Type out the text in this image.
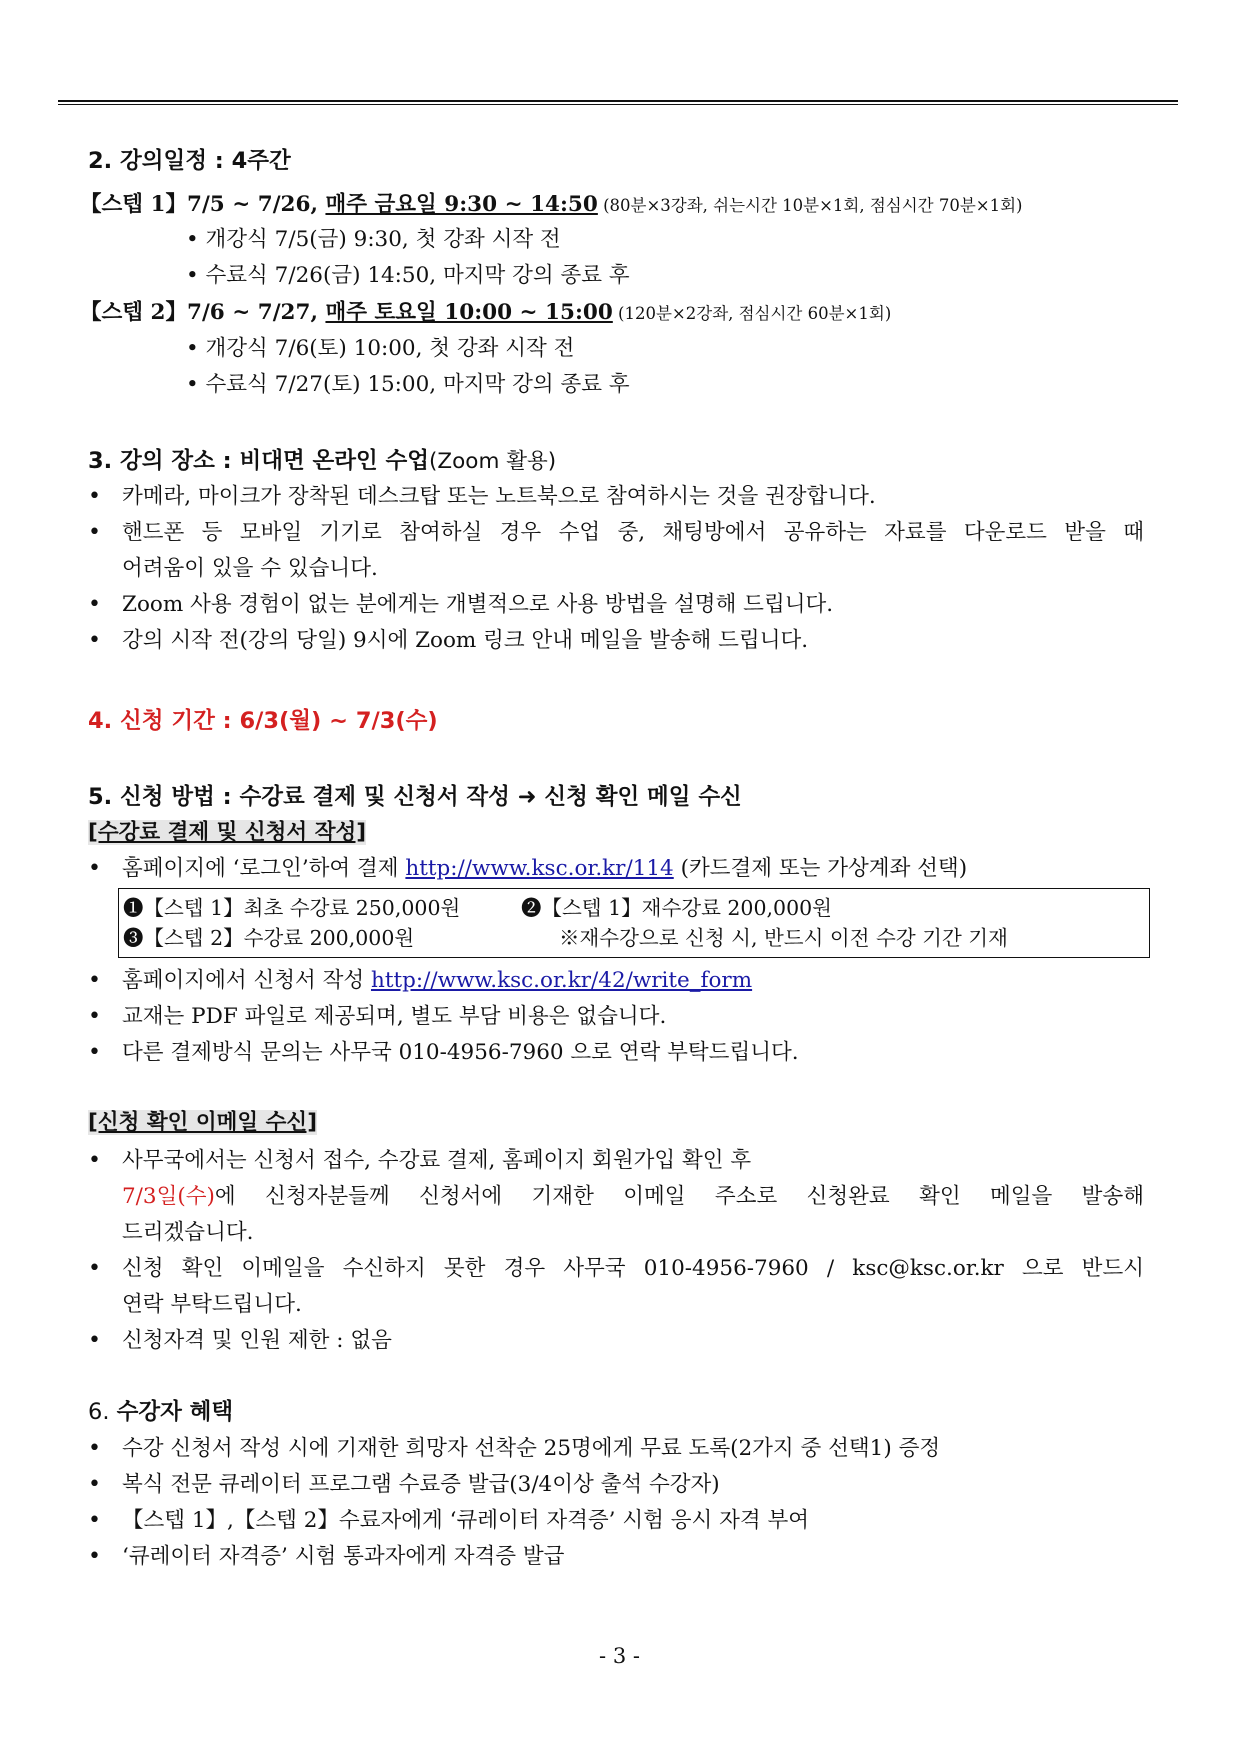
2. 강의일정 : 4주간
【스텝 1】7/5 ~ 7/26, 매주 금요일 9:30 ~ 14:50 (80분×3강좌, 쉬는시간 10분×1회, 점심시간 70분×1회)
• 개강식 7/5(금) 9:30, 첫 강좌 시작 전
• 수료식 7/26(금) 14:50, 마지막 강의 종료 후
【스텝 2】7/6 ~ 7/27, 매주 토요일 10:00 ~ 15:00 (120분×2강좌, 점심시간 60분×1회)
• 개강식 7/6(토) 10:00, 첫 강좌 시작 전
• 수료식 7/27(토) 15:00, 마지막 강의 종료 후
3. 강의 장소 : 비대면 온라인 수업(Zoom 활용)
• 카메라, 마이크가 장착된 데스크탑 또는 노트북으로 참여하시는 것을 권장합니다.
• 핸드폰 등 모바일 기기로 참여하실 경우 수업 중, 채팅방에서 공유하는 자료를 다운로드 받을 때
어려움이 있을 수 있습니다.
• Zoom 사용 경험이 없는 분에게는 개별적으로 사용 방법을 설명해 드립니다.
• 강의 시작 전(강의 당일) 9시에 Zoom 링크 안내 메일을 발송해 드립니다.
4. 신청 기간 : 6/3(월) ~ 7/3(수)
5. 신청 방법 : 수강료 결제 및 신청서 작성 ➜ 신청 확인 메일 수신
[수강료 결제 및 신청서 작성]
• 홈페이지에 ‘로그인’하여 결제 http://www.ksc.or.kr/114 (카드결제 또는 가상계좌 선택)
❶【스텝 1】최초 수강료 250,000원	❷【스텝 1】재수강료 200,000원
❸【스텝 2】수강료 200,000원	※재수강으로 신청 시, 반드시 이전 수강 기간 기재
• 홈페이지에서 신청서 작성 http://www.ksc.or.kr/42/write_form
• 교재는 PDF 파일로 제공되며, 별도 부담 비용은 없습니다.
• 다른 결제방식 문의는 사무국 010-4956-7960 으로 연락 부탁드립니다.
[신청 확인 이메일 수신]
• 사무국에서는 신청서 접수, 수강료 결제, 홈페이지 회원가입 확인 후
7/3일(수)에 신청자분들께 신청서에 기재한 이메일 주소로 신청완료 확인 메일을 발송해
드리겠습니다.
• 신청 확인 이메일을 수신하지 못한 경우 사무국 010-4956-7960 / ksc@ksc.or.kr 으로 반드시
연락 부탁드립니다.
• 신청자격 및 인원 제한 : 없음
6. 수강자 혜택
• 수강 신청서 작성 시에 기재한 희망자 선착순 25명에게 무료 도록(2가지 중 선택1) 증정
• 복식 전문 큐레이터 프로그램 수료증 발급(3/4이상 출석 수강자)
• 【스텝 1】,【스텝 2】수료자에게 ‘큐레이터 자격증’ 시험 응시 자격 부여
• ‘큐레이터 자격증’ 시험 통과자에게 자격증 발급
- 3 -
